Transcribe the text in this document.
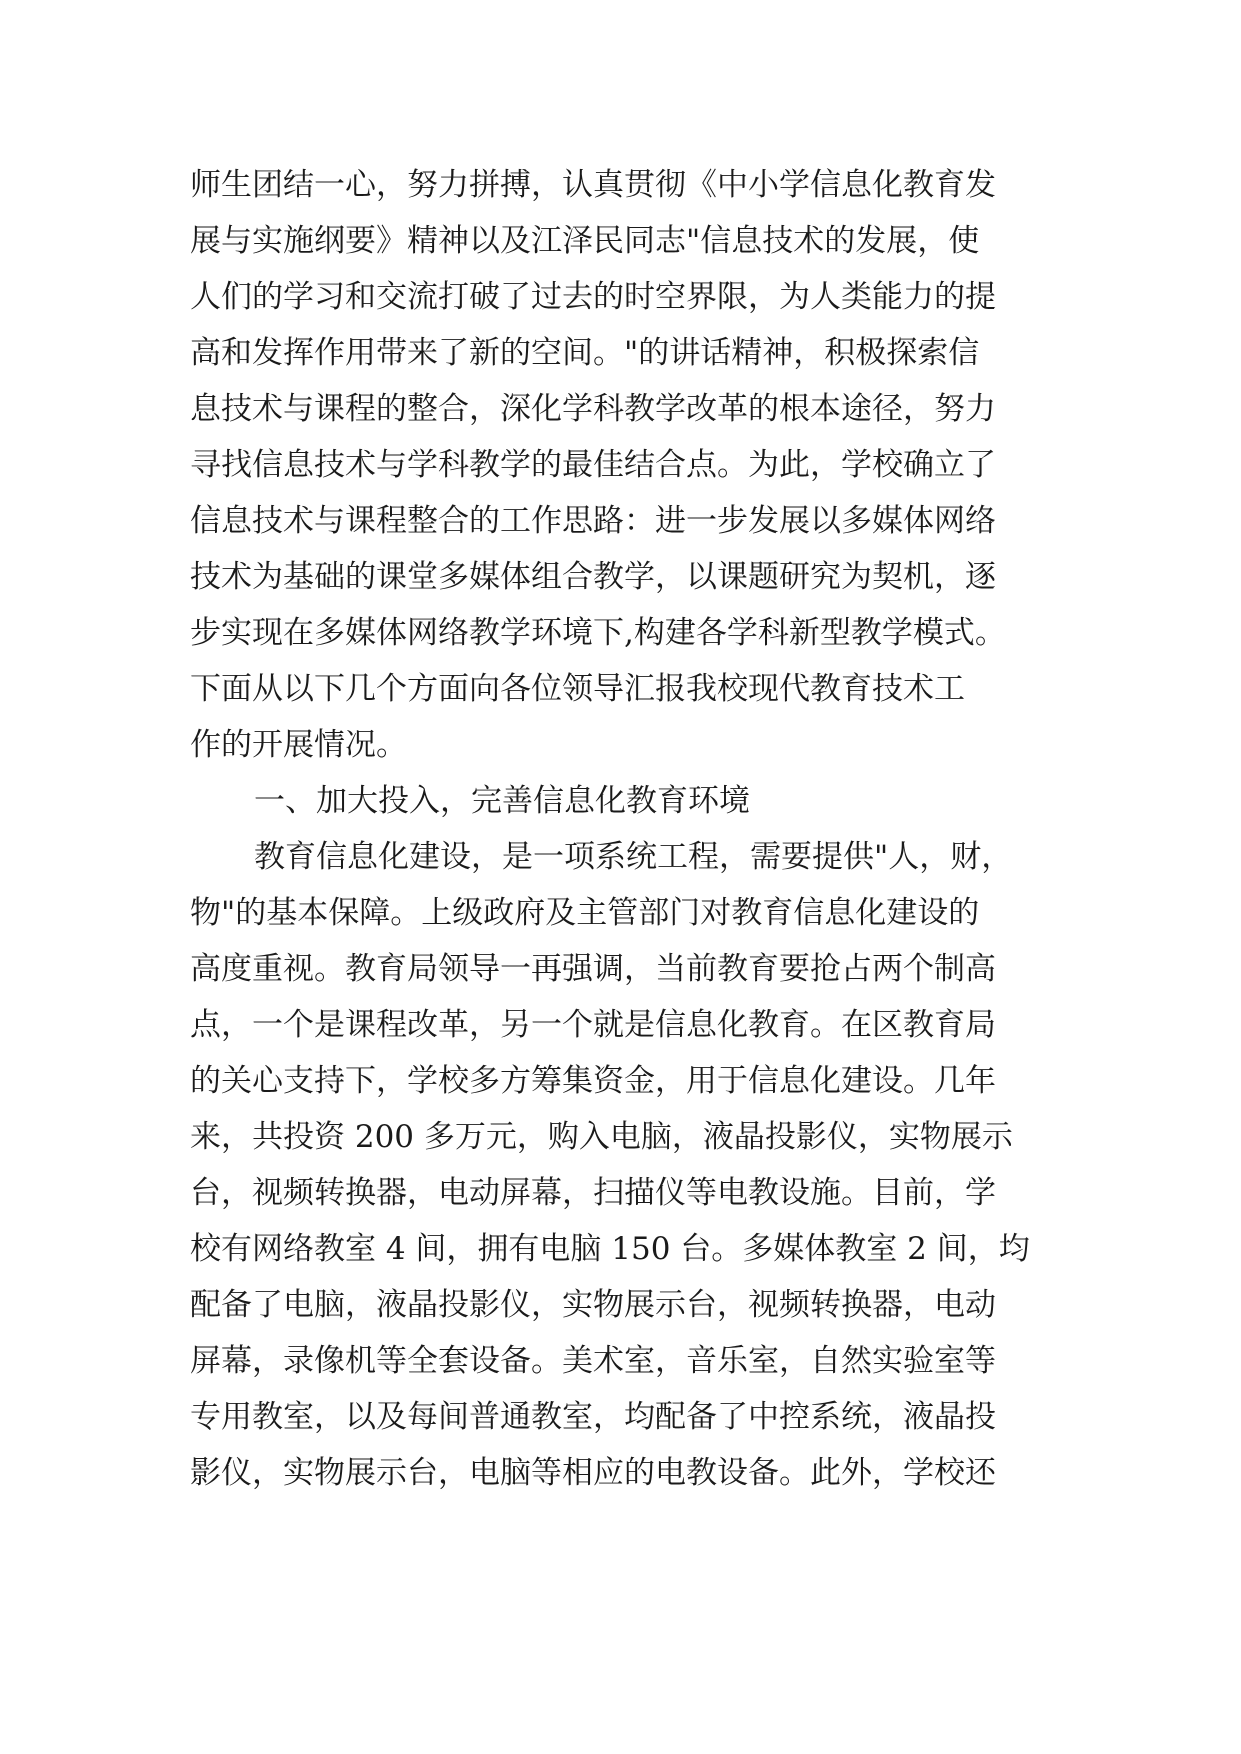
师生团结一心，努力拼搏，认真贯彻《中小学信息化教育发
展与实施纲要》精神以及江泽民同志"信息技术的发展，使
人们的学习和交流打破了过去的时空界限，为人类能力的提
高和发挥作用带来了新的空间。"的讲话精神，积极探索信
息技术与课程的整合，深化学科教学改革的根本途径，努力
寻找信息技术与学科教学的最佳结合点。为此，学校确立了
信息技术与课程整合的工作思路：进一步发展以多媒体网络
技术为基础的课堂多媒体组合教学，以课题研究为契机，逐
步实现在多媒体网络教学环境下,构建各学科新型教学模式。
下面从以下几个方面向各位领导汇报我校现代教育技术工
作的开展情况。
一、加大投入，完善信息化教育环境
教育信息化建设，是一项系统工程，需要提供"人，财，
物"的基本保障。上级政府及主管部门对教育信息化建设的
高度重视。教育局领导一再强调，当前教育要抢占两个制高
点，一个是课程改革，另一个就是信息化教育。在区教育局
的关心支持下，学校多方筹集资金，用于信息化建设。几年
来，共投资 200 多万元，购入电脑，液晶投影仪，实物展示
台，视频转换器，电动屏幕，扫描仪等电教设施。目前，学
校有网络教室 4 间，拥有电脑 150 台。多媒体教室 2 间，均
配备了电脑，液晶投影仪，实物展示台，视频转换器，电动
屏幕，录像机等全套设备。美术室，音乐室，自然实验室等
专用教室，以及每间普通教室，均配备了中控系统，液晶投
影仪，实物展示台，电脑等相应的电教设备。此外，学校还
